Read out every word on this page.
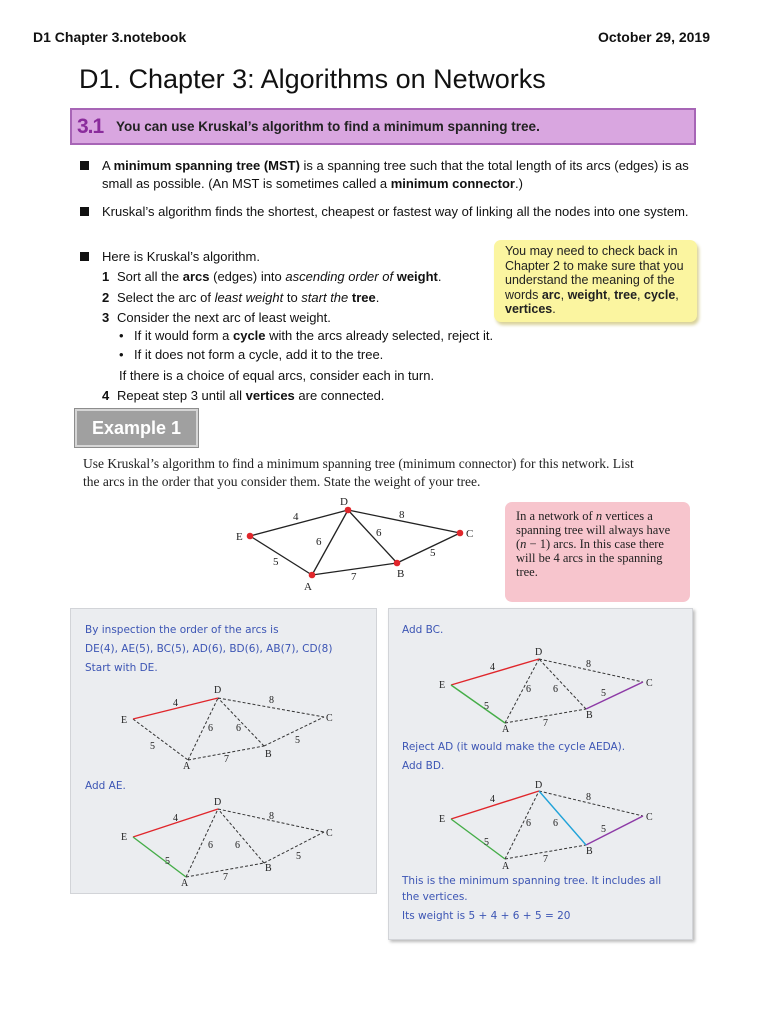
D1 Chapter 3.notebook	October 29, 2019
D1. Chapter 3: Algorithms on Networks
3.1 You can use Kruskal’s algorithm to find a minimum spanning tree.
A minimum spanning tree (MST) is a spanning tree such that the total length of its arcs (edges) is as small as possible. (An MST is sometimes called a minimum connector.)
Kruskal’s algorithm finds the shortest, cheapest or fastest way of linking all the nodes into one system.
Here is Kruskal’s algorithm.
1 Sort all the arcs (edges) into ascending order of weight.
2 Select the arc of least weight to start the tree.
3 Consider the next arc of least weight.
• If it would form a cycle with the arcs already selected, reject it.
• If it does not form a cycle, add it to the tree.
If there is a choice of equal arcs, consider each in turn.
4 Repeat step 3 until all vertices are connected.
You may need to check back in Chapter 2 to make sure that you understand the meaning of the words arc, weight, tree, cycle, vertices.
Example 1
Use Kruskal’s algorithm to find a minimum spanning tree (minimum connector) for this network. List the arcs in the order that you consider them. State the weight of your tree.
E
D
C
B
A
4	8
6
6
5
5
7
In a network of n vertices a spanning tree will always have (n − 1) arcs. In this case there will be 4 arcs in the spanning tree.
By inspection the order of the arcs is
DE(4), AE(5), BC(5), AD(6), BD(6), AB(7), CD(8)
Start with DE.
E
D
C
B
A
4	8
6 6
5
5
7
Add AE.
E
D
C
B
A
4	8
6 6
5	5
7
Add BC.
E
D
C
B
A
4	8
6 6
5
5
7
Reject AD (it would make the cycle AEDA).
Add BD.
E
D
C
B
A
4	8
6 6
5
5
7
This is the minimum spanning tree. It includes all
the vertices.
Its weight is 5 + 4 + 6 + 5 = 20
